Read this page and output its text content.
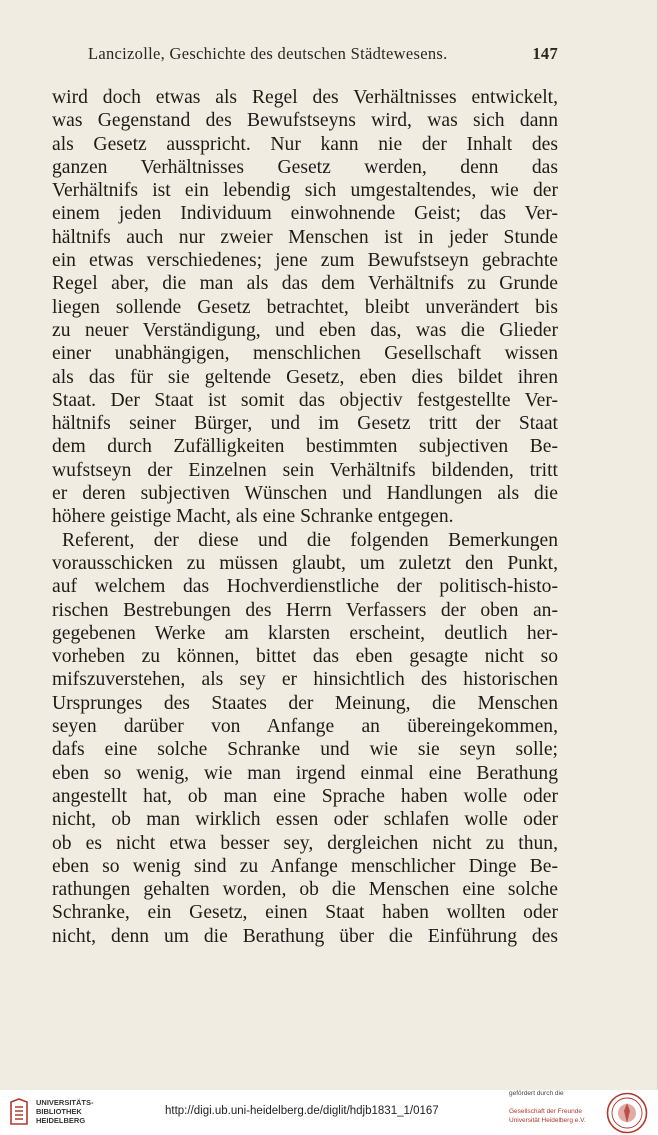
Lancizolle, Geschichte des deutschen Städtewesens.	147
wird doch etwas als Regel des Verhältnisses entwickelt,
was Gegenstand des Bewufstseyns wird, was sich dann
als Gesetz ausspricht. Nur kann nie der Inhalt des
ganzen Verhältnisses Gesetz werden, denn das
Verhältnifs ist ein lebendig sich umgestaltendes, wie der
einem jeden Individuum einwohnende Geist; das Ver-
hältnifs auch nur zweier Menschen ist in jeder Stunde
ein etwas verschiedenes; jene zum Bewufstseyn gebrachte
Regel aber, die man als das dem Verhältnifs zu Grunde
liegen sollende Gesetz betrachtet, bleibt unverändert bis
zu neuer Verständigung, und eben das, was die Glieder
einer unabhängigen, menschlichen Gesellschaft wissen
als das für sie geltende Gesetz, eben dies bildet ihren
Staat. Der Staat ist somit das objectiv festgestellte Ver-
hältnifs seiner Bürger, und im Gesetz tritt der Staat
dem durch Zufälligkeiten bestimmten subjectiven Be-
wufstseyn der Einzelnen sein Verhältnifs bildenden, tritt
er deren subjectiven Wünschen und Handlungen als die
höhere geistige Macht, als eine Schranke entgegen.
Referent, der diese und die folgenden Bemerkungen
vorausschicken zu müssen glaubt, um zuletzt den Punkt,
auf welchem das Hochverdienstliche der politisch-histo-
rischen Bestrebungen des Herrn Verfassers der oben an-
gegebenen Werke am klarsten erscheint, deutlich her-
vorheben zu können, bittet das eben gesagte nicht so
mifszuverstehen, als sey er hinsichtlich des historischen
Ursprunges des Staates der Meinung, die Menschen
seyen darüber von Anfange an übereingekommen,
dafs eine solche Schranke und wie sie seyn solle;
eben so wenig, wie man irgend einmal eine Berathung
angestellt hat, ob man eine Sprache haben wolle oder
nicht, ob man wirklich essen oder schlafen wolle oder
ob es nicht etwa besser sey, dergleichen nicht zu thun,
eben so wenig sind zu Anfange menschlicher Dinge Be-
rathungen gehalten worden, ob die Menschen eine solche
Schranke, ein Gesetz, einen Staat haben wollten oder
nicht, denn um die Berathung über die Einführung des
UNIVERSITÄTS-
BIBLIOTHEK
HEIDELBERG
http://digi.ub.uni-heidelberg.de/diglit/hdjb1831_1/0167
gefördert durch die
Gesellschaft der Freunde
Universität Heidelberg e.V.
